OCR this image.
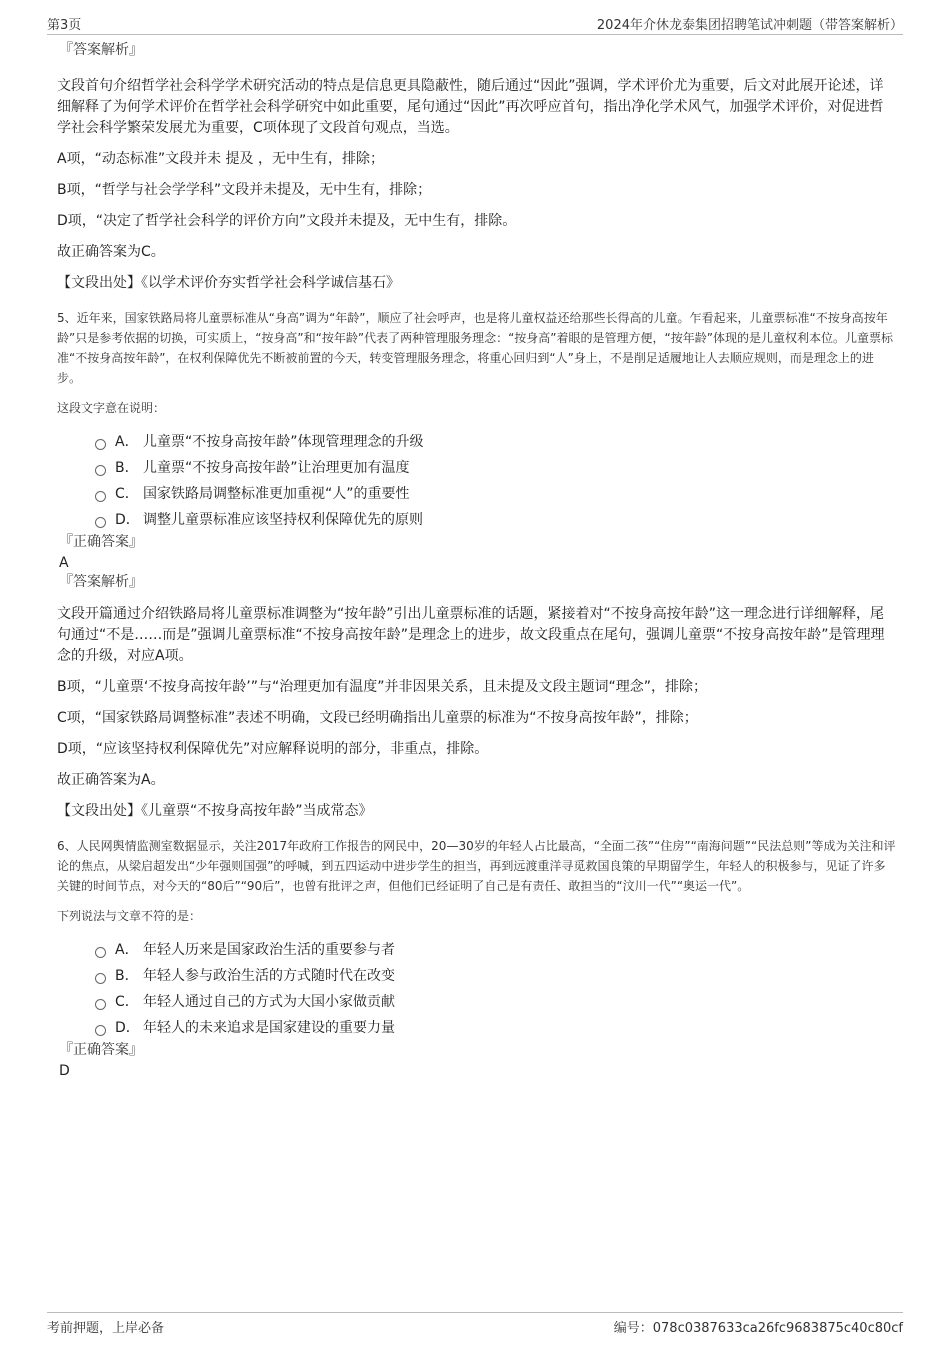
第3页	2024年介休龙泰集团招聘笔试冲刺题（带答案解析）
『答案解析』

文段首句介绍哲学社会科学学术研究活动的特点是信息更具隐蔽性，随后通过“因此”强调，学术评价尤为重要，后文对此展开论述，详细解释了为何学术评价在哲学社会科学研究中如此重要，尾句通过“因此”再次呼应首句，指出净化学术风气，加强学术评价，对促进哲学社会科学繁荣发展尤为重要，C项体现了文段首句观点，当选。

A项，“动态标准”文段并未 提及 ，无中生有，排除；

B项，“哲学与社会学学科”文段并未提及，无中生有，排除；

D项，“决定了哲学社会科学的评价方向”文段并未提及，无中生有，排除。

故正确答案为C。

【文段出处】《以学术评价夯实哲学社会科学诚信基石》

5、近年来，国家铁路局将儿童票标准从“身高”调为“年龄”，顺应了社会呼声，也是将儿童权益还给那些长得高的儿童。乍看起来，儿童票标准“不按身高按年龄”只是参考依据的切换，可实质上，“按身高”和“按年龄”代表了两种管理服务理念：“按身高”着眼的是管理方便，“按年龄”体现的是儿童权利本位。儿童票标准“不按身高按年龄”，在权利保障优先不断被前置的今天，转变管理服务理念，将重心回归到“人”身上，不是削足适履地让人去顺应规则，而是理念上的进步。

这段文字意在说明：

A． 儿童票“不按身高按年龄”体现管理理念的升级
B． 儿童票“不按身高按年龄”让治理更加有温度
C． 国家铁路局调整标准更加重视“人”的重要性
D． 调整儿童票标准应该坚持权利保障优先的原则
『正确答案』

A

『答案解析』

文段开篇通过介绍铁路局将儿童票标准调整为“按年龄”引出儿童票标准的话题，紧接着对“不按身高按年龄”这一理念进行详细解释，尾句通过“不是……而是”强调儿童票标准“不按身高按年龄”是理念上的进步，故文段重点在尾句，强调儿童票“不按身高按年龄”是管理理念的升级，对应A项。

B项，“儿童票‘不按身高按年龄’”与“治理更加有温度”并非因果关系，且未提及文段主题词“理念”，排除；

C项，“国家铁路局调整标准”表述不明确，文段已经明确指出儿童票的标准为“不按身高按年龄”，排除；

D项，“应该坚持权利保障优先”对应解释说明的部分，非重点，排除。

故正确答案为A。

【文段出处】《儿童票“不按身高按年龄”当成常态》

6、人民网舆情监测室数据显示，关注2017年政府工作报告的网民中，20—30岁的年轻人占比最高，“全面二孩”“住房”“南海问题”“民法总则”等成为关注和评论的焦点，从梁启超发出“少年强则国强”的呼喊，到五四运动中进步学生的担当，再到远渡重洋寻觅救国良策的早期留学生，年轻人的积极参与，见证了许多关键的时间节点，对今天的“80后”“90后”，也曾有批评之声，但他们已经证明了自己是有责任、敢担当的“汶川一代”“奥运一代”。

下列说法与文章不符的是：

A． 年轻人历来是国家政治生活的重要参与者
B． 年轻人参与政治生活的方式随时代在改变
C． 年轻人通过自己的方式为大国小家做贡献
D． 年轻人的未来追求是国家建设的重要力量
『正确答案』

D

考前押题，上岸必备	编号：078c0387633ca26fc9683875c40c80cf
